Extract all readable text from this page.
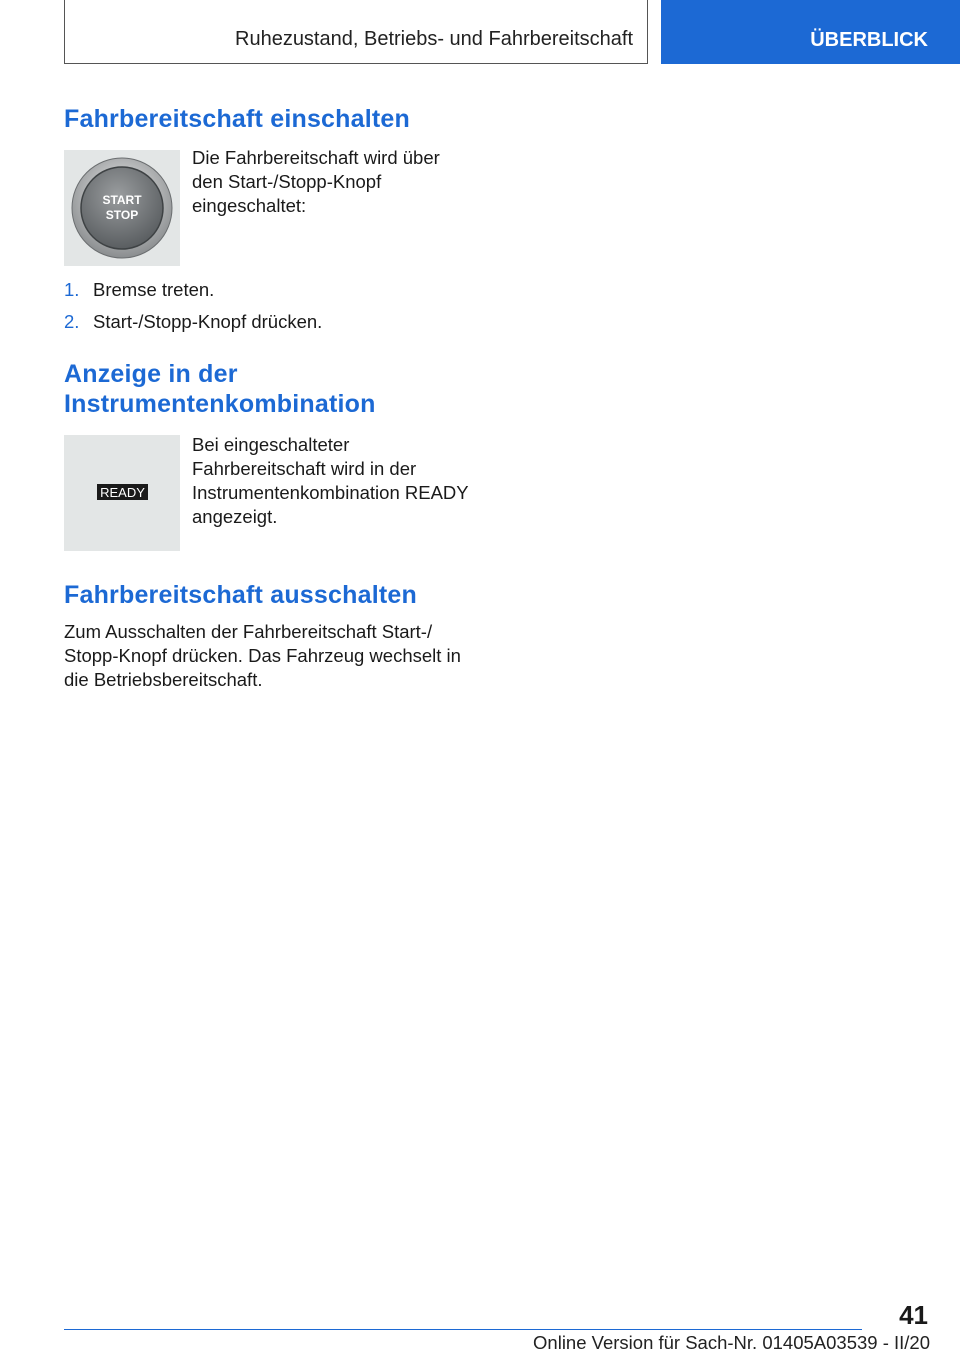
Ruhezustand, Betriebs- und Fahrbereitschaft	ÜBERBLICK
Fahrbereitschaft einschalten
START
STOP

Die Fahrbereitschaft wird über den Start-/Stopp-Knopf eingeschaltet:

1. Bremse treten.
2. Start-/Stopp-Knopf drücken.
Anzeige in der
Instrumentenkombination
READY

Bei eingeschalteter Fahrbereitschaft wird in der Instrumentenkombination READY angezeigt.

Fahrbereitschaft ausschalten

Zum Ausschalten der Fahrbereitschaft Start-/ Stopp-Knopf drücken. Das Fahrzeug wechselt in die Betriebsbereitschaft.

41
Online Version für Sach-Nr. 01405A03539 - II/20
